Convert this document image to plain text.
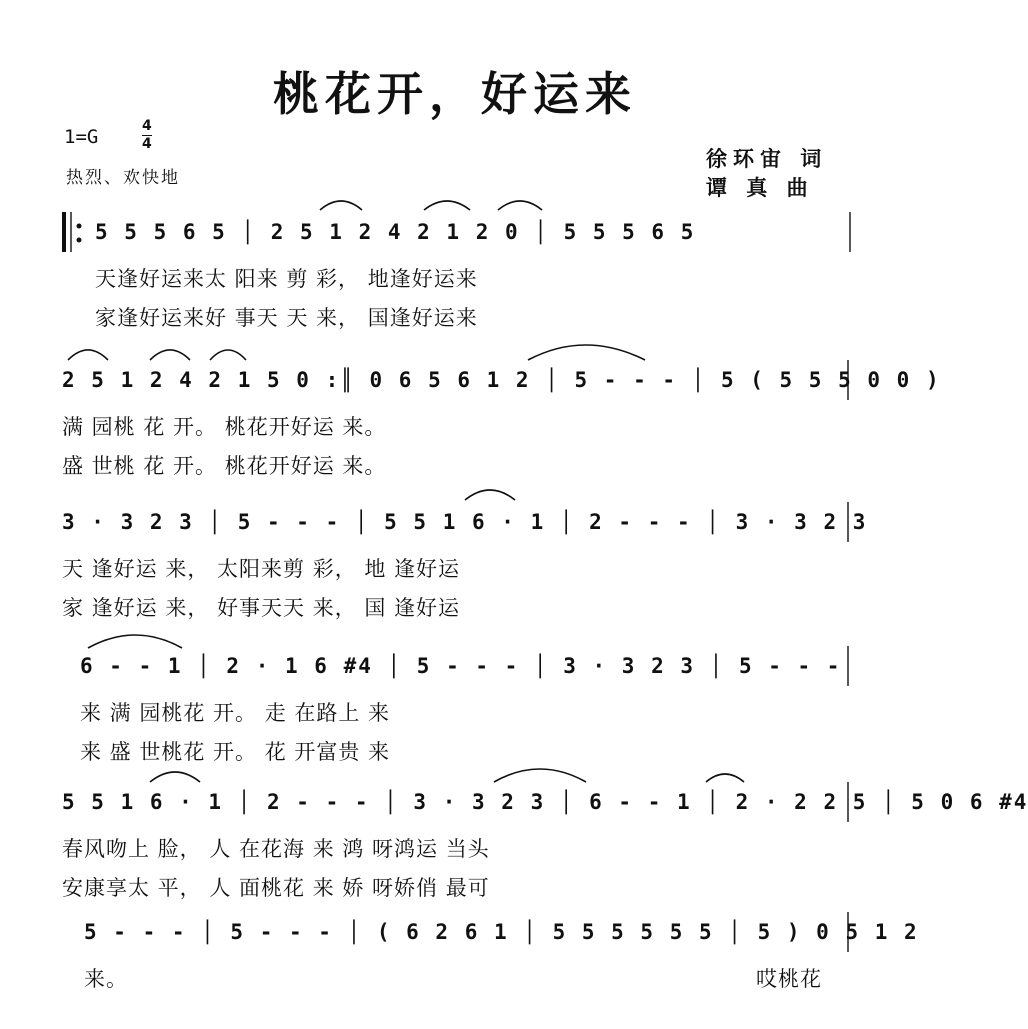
桃花开，好运来
1=G	4
4
热烈、欢快地
徐环宙 词
谭 真 曲
5 5 5 6 5 │ 2 5 1 2 4 2 1 2 0 │ 5 5 5 6 5
天逢好运来太 阳来 剪 彩， 地逢好运来
家逢好运来好 事天 天 来， 国逢好运来
2 5 1 2 4 2 1 5 0 :║ 0 6 5 6 1 2 │ 5 - - - │ 5 ( 5 5 5 0 0 )
满 园桃 花 开。 桃花开好运 来。
盛 世桃 花 开。 桃花开好运 来。
3 · 3 2 3 │ 5 - - - │ 5 5 1 6 · 1 │ 2 - - - │ 3 · 3 2 3
天 逢好运 来， 太阳来剪 彩， 地 逢好运
家 逢好运 来， 好事天天 来， 国 逢好运
6 - - 1 │ 2 · 1 6 #4 │ 5 - - - │ 3 · 3 2 3 │ 5 - - -
来 满 园桃花 开。 走 在路上 来
来 盛 世桃花 开。 花 开富贵 来
5 5 1 6 · 1 │ 2 - - - │ 3 · 3 2 3 │ 6 - - 1 │ 2 · 2 2 5 │ 5 0 6 #4
春风吻上 脸， 人 在花海 来 鸿 呀鸿运 当头
安康享太 平， 人 面桃花 来 娇 呀娇俏 最可
5 - - - │ 5 - - - │ ( 6 2 6 1 │ 5 5 5 5 5 5 │ 5 ) 0 5 1 2
来。	哎桃花
